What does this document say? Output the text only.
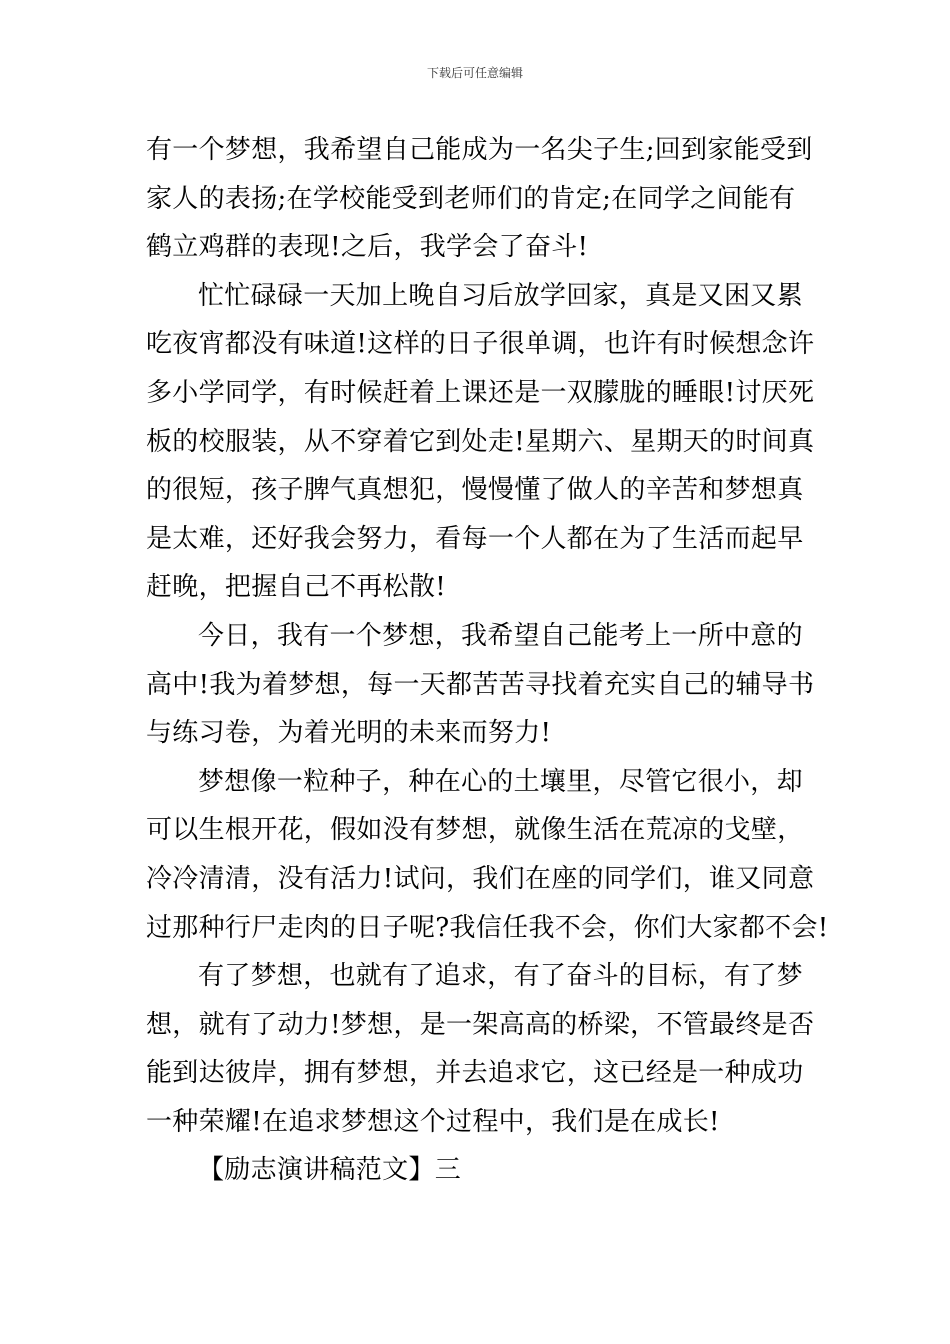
下载后可任意编辑

有一个梦想，我希望自己能成为一名尖子生;回到家能受到
家人的表扬;在学校能受到老师们的肯定;在同学之间能有
鹤立鸡群的表现!之后，我学会了奋斗!

忙忙碌碌一天加上晚自习后放学回家，真是又困又累
吃夜宵都没有味道!这样的日子很单调，也许有时候想念许
多小学同学，有时候赶着上课还是一双朦胧的睡眼!讨厌死
板的校服装，从不穿着它到处走!星期六、星期天的时间真
的很短，孩子脾气真想犯，慢慢懂了做人的辛苦和梦想真
是太难，还好我会努力，看每一个人都在为了生活而起早
赶晚，把握自己不再松散!

今日，我有一个梦想，我希望自己能考上一所中意的
高中!我为着梦想，每一天都苦苦寻找着充实自己的辅导书
与练习卷，为着光明的未来而努力!

梦想像一粒种子，种在心的土壤里，尽管它很小，却
可以生根开花，假如没有梦想，就像生活在荒凉的戈壁，
冷冷清清，没有活力!试问，我们在座的同学们，谁又同意
过那种行尸走肉的日子呢?我信任我不会，你们大家都不会!

有了梦想，也就有了追求，有了奋斗的目标，有了梦
想，就有了动力!梦想，是一架高高的桥梁，不管最终是否
能到达彼岸，拥有梦想，并去追求它，这已经是一种成功
一种荣耀!在追求梦想这个过程中，我们是在成长!

【励志演讲稿范文】三
